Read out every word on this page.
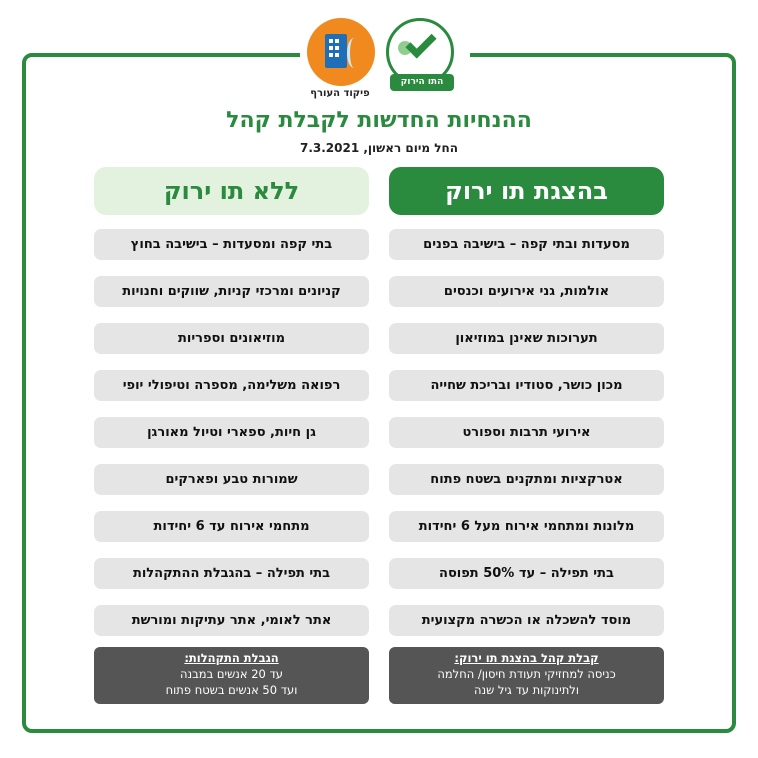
פיקוד העורף
התו הירוק
ההנחיות החדשות לקבלת קהל
החל מיום ראשון, 7.3.2021
בהצגת תו ירוק
ללא תו ירוק
מסעדות ובתי קפה – בישיבה בפנים
אולמות, גני אירועים וכנסים
תערוכות שאינן במוזיאון
מכון כושר, סטודיו ובריכת שחייה
אירועי תרבות וספורט
אטרקציות ומתקנים בשטח פתוח
מלונות ומתחמי אירוח מעל 6 יחידות
בתי תפילה – עד 50% תפוסה
מוסד להשכלה או הכשרה מקצועית
בתי קפה ומסעדות – בישיבה בחוץ
קניונים ומרכזי קניות, שווקים וחנויות
מוזיאונים וספריות
רפואה משלימה, מספרה וטיפולי יופי
גן חיות, ספארי וטיול מאורגן
שמורות טבע ופארקים
מתחמי אירוח עד 6 יחידות
בתי תפילה – בהגבלת ההתקהלות
אתר לאומי, אתר עתיקות ומורשת
קבלת קהל בהצגת תו ירוק:
כניסה למחזיקי תעודת חיסון/ החלמה
ולתינוקות עד גיל שנה
הגבלת התקהלות:
עד 20 אנשים במבנה
ועד 50 אנשים בשטח פתוח
